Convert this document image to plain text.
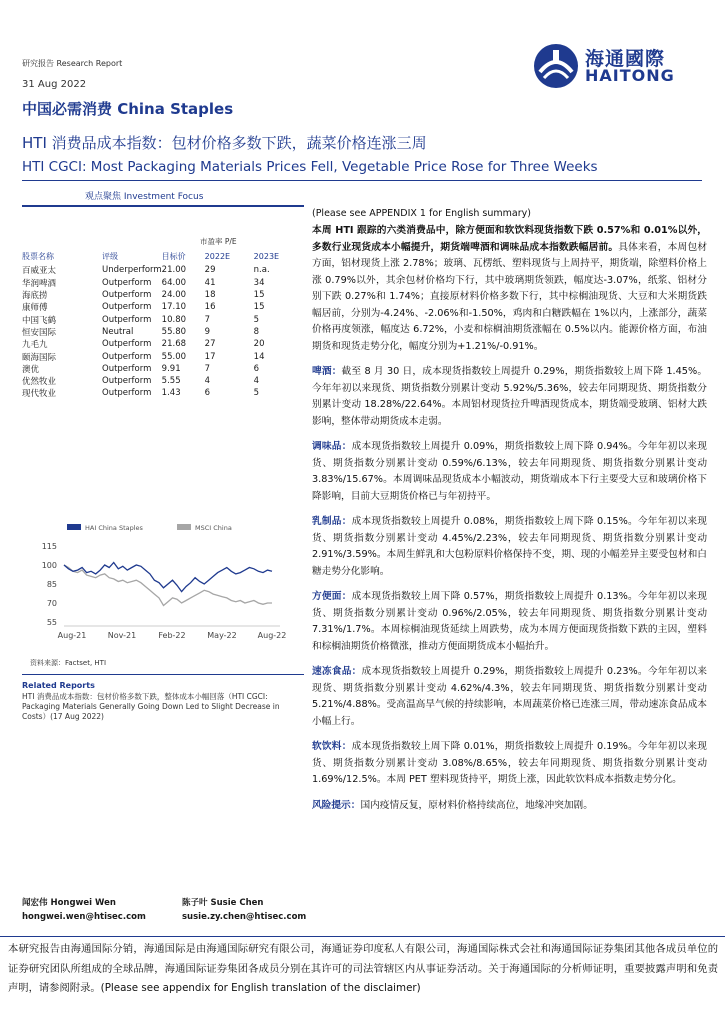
研究报告 Research Report
31 Aug 2022
中国必需消费 China Staples
HTI 消费品成本指数：包材价格多数下跌，蔬菜价格连涨三周
HTI CGCI: Most Packaging Materials Prices Fell, Vegetable Price Rose for Three Weeks
观点聚焦 Investment Focus
海通國際
HAITONG
市盈率 P/E
股票名称	评级	目标价	2022E	2023E
百威亚太	Underperform	21.00	29	n.a.
华润啤酒	Outperform	64.00	41	34
海底捞	Outperform	24.00	18	15
康师傅	Outperform	17.10	16	15
中国飞鹤	Outperform	10.80	7	5
恒安国际	Neutral	55.80	9	8
九毛九	Outperform	21.68	27	20
颐海国际	Outperform	55.00	17	14
澳优	Outperform	9.91	7	6
优然牧业	Outperform	5.55	4	4
现代牧业	Outperform	1.43	6	5
HAI China Staples	MSCI China
115
100
85
70
55
Aug-21	Nov-21	Feb-22	May-22	Aug-22
资料来源：Factset, HTI
Related Reports
HTI 消费品成本指数：包材价格多数下跌，整体成本小幅回落（HTI CGCI: Packaging Materials Generally Going Down Led to Slight Decrease in Costs）(17 Aug 2022)
(Please see APPENDIX 1 for English summary)

本周 HTI 跟踪的六类消费品中，除方便面和软饮料现货指数下跌 0.57%和 0.01%以外，多数行业现货成本小幅提升，期货端啤酒和调味品成本指数跌幅居前。具体来看，本周包材方面，铝材现货上涨 2.78%；玻璃、瓦楞纸、塑料现货与上周持平，期货端，除塑料价格上涨 0.79%以外，其余包材价格均下行，其中玻璃期货领跌，幅度达-3.07%，纸浆、铝材分别下跌 0.27%和 1.74%；直接原材料价格多数下行，其中棕榈油现货、大豆和大米期货跌幅居前，分别为-4.24%、-2.06%和-1.50%，鸡肉和白糖跌幅在 1%以内，上涨部分，蔬菜价格再度领涨，幅度达 6.72%，小麦和棕榈油期货涨幅在 0.5%以内。能源价格方面，布油期货和现货走势分化，幅度分别为+1.21%/-0.91%。

啤酒：截至 8 月 30 日，成本现货指数较上周提升 0.29%，期货指数较上周下降 1.45%。今年年初以来现货、期货指数分别累计变动 5.92%/5.36%，较去年同期现货、期货指数分别累计变动 18.28%/22.64%。本周铝材现货拉升啤酒现货成本，期货端受玻璃、铝材大跌影响，整体带动期货成本走弱。

调味品：成本现货指数较上周提升 0.09%，期货指数较上周下降 0.94%。今年年初以来现货、期货指数分别累计变动 0.59%/6.13%，较去年同期现货、期货指数分别累计变动 3.83%/15.67%。本周调味品现货成本小幅波动，期货端成本下行主要受大豆和玻璃价格下降影响，目前大豆期货价格已与年初持平。

乳制品：成本现货指数较上周提升 0.08%，期货指数较上周下降 0.15%。今年年初以来现货、期货指数分别累计变动 4.45%/2.23%，较去年同期现货、期货指数分别累计变动 2.91%/3.59%。本周生鲜乳和大包粉原料价格保持不变，期、现的小幅差异主要受包材和白糖走势分化影响。

方便面：成本现货指数较上周下降 0.57%，期货指数较上周提升 0.13%。今年年初以来现货、期货指数分别累计变动 0.96%/2.05%，较去年同期现货、期货指数分别累计变动 7.31%/1.7%。本周棕榈油现货延续上周跌势，成为本周方便面现货指数下跌的主因，塑料和棕榈油期货价格微涨，推动方便面期货成本小幅抬升。

速冻食品：成本现货指数较上周提升 0.29%，期货指数较上周提升 0.23%。今年年初以来现货、期货指数分别累计变动 4.62%/4.3%，较去年同期现货、期货指数分别累计变动 5.21%/4.88%。受高温高旱气候的持续影响，本周蔬菜价格已连涨三周，带动速冻食品成本小幅上行。

软饮料：成本现货指数较上周下降 0.01%，期货指数较上周提升 0.19%。今年年初以来现货、期货指数分别累计变动 3.08%/8.65%，较去年同期现货、期货指数分别累计变动 1.69%/12.5%。本周 PET 塑料现货持平，期货上涨，因此软饮料成本指数走势分化。

风险提示：国内疫情反复，原材料价格持续高位，地缘冲突加剧。

闻宏伟 Hongwei Wen
hongwei.wen@htisec.com
陈子叶 Susie Chen
susie.zy.chen@htisec.com
本研究报告由海通国际分销，海通国际是由海通国际研究有限公司，海通证券印度私人有限公司，海通国际株式会社和海通国际证券集团其他各成员单位的证券研究团队所组成的全球品牌，海通国际证券集团各成员分别在其许可的司法管辖区内从事证券活动。关于海通国际的分析师证明，重要披露声明和免责声明，请参阅附录。(Please see appendix for English translation of the disclaimer)
